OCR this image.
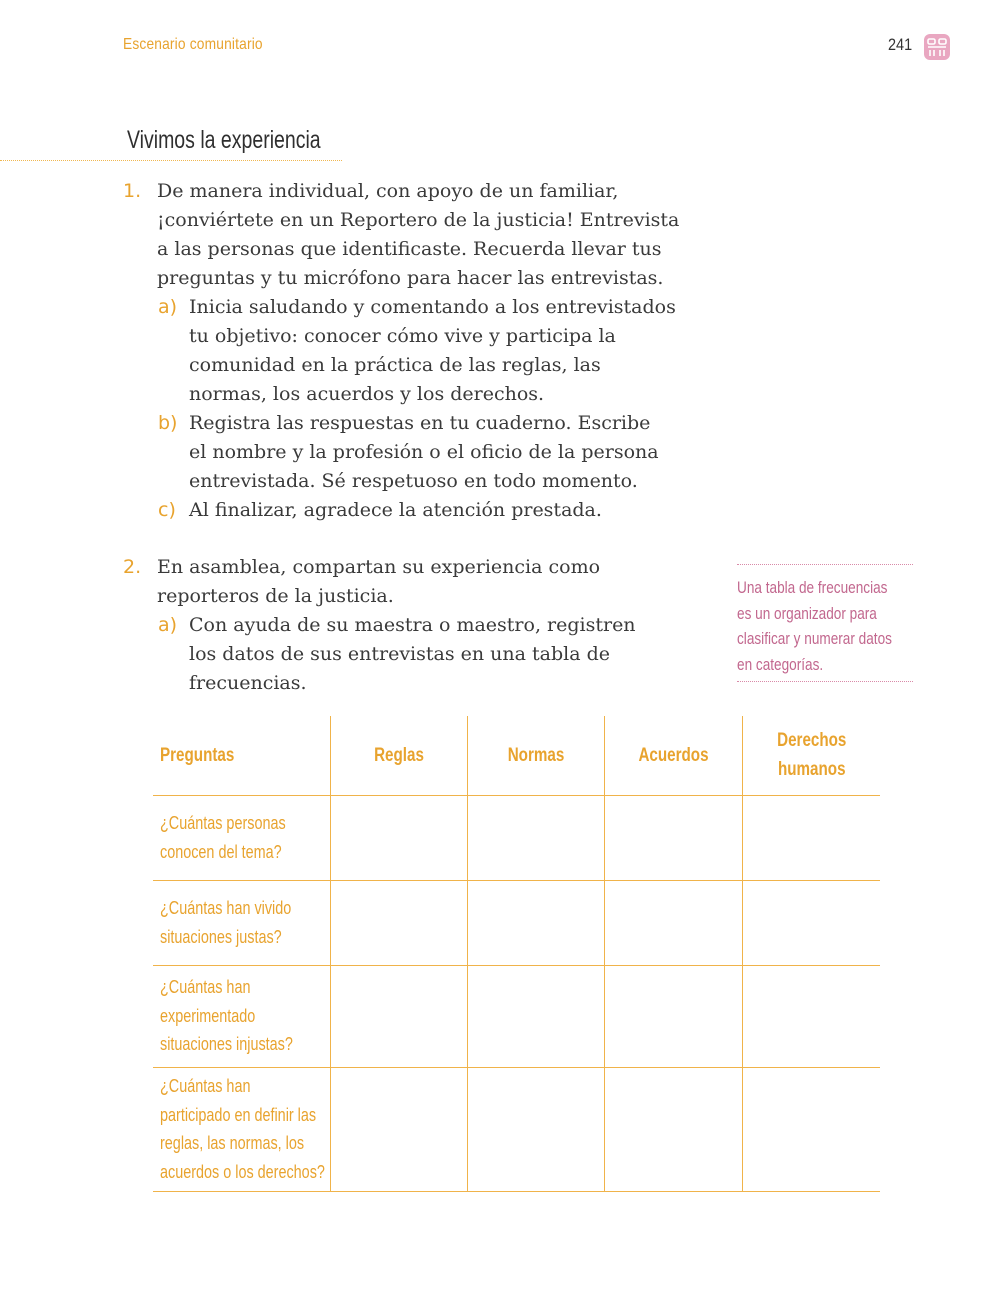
Escenario comunitario	241
Vivimos la experiencia
1. De manera individual, con apoyo de un familiar,
¡conviértete en un Reportero de la justicia! Entrevista
a las personas que identificaste. Recuerda llevar tus
preguntas y tu micrófono para hacer las entrevistas.
a) Inicia saludando y comentando a los entrevistados
tu objetivo: conocer cómo vive y participa la
comunidad en la práctica de las reglas, las
normas, los acuerdos y los derechos.
b) Registra las respuestas en tu cuaderno. Escribe
el nombre y la profesión o el oficio de la persona
entrevistada. Sé respetuoso en todo momento.
c) Al finalizar, agradece la atención prestada.
2. En asamblea, compartan su experiencia como
reporteros de la justicia.
a) Con ayuda de su maestra o maestro, registren
los datos de sus entrevistas en una tabla de
frecuencias.
Una tabla de frecuencias
es un organizador para
clasificar y numerar datos
en categorías.
Preguntas	Reglas	Normas	Acuerdos	Derechos
humanos

¿Cuántas personas
conocen del tema?				

¿Cuántas han vivido
situaciones justas?				

¿Cuántas han
experimentado
situaciones injustas?				

¿Cuántas han
participado en definir las
reglas, las normas, los
acuerdos o los derechos?				
